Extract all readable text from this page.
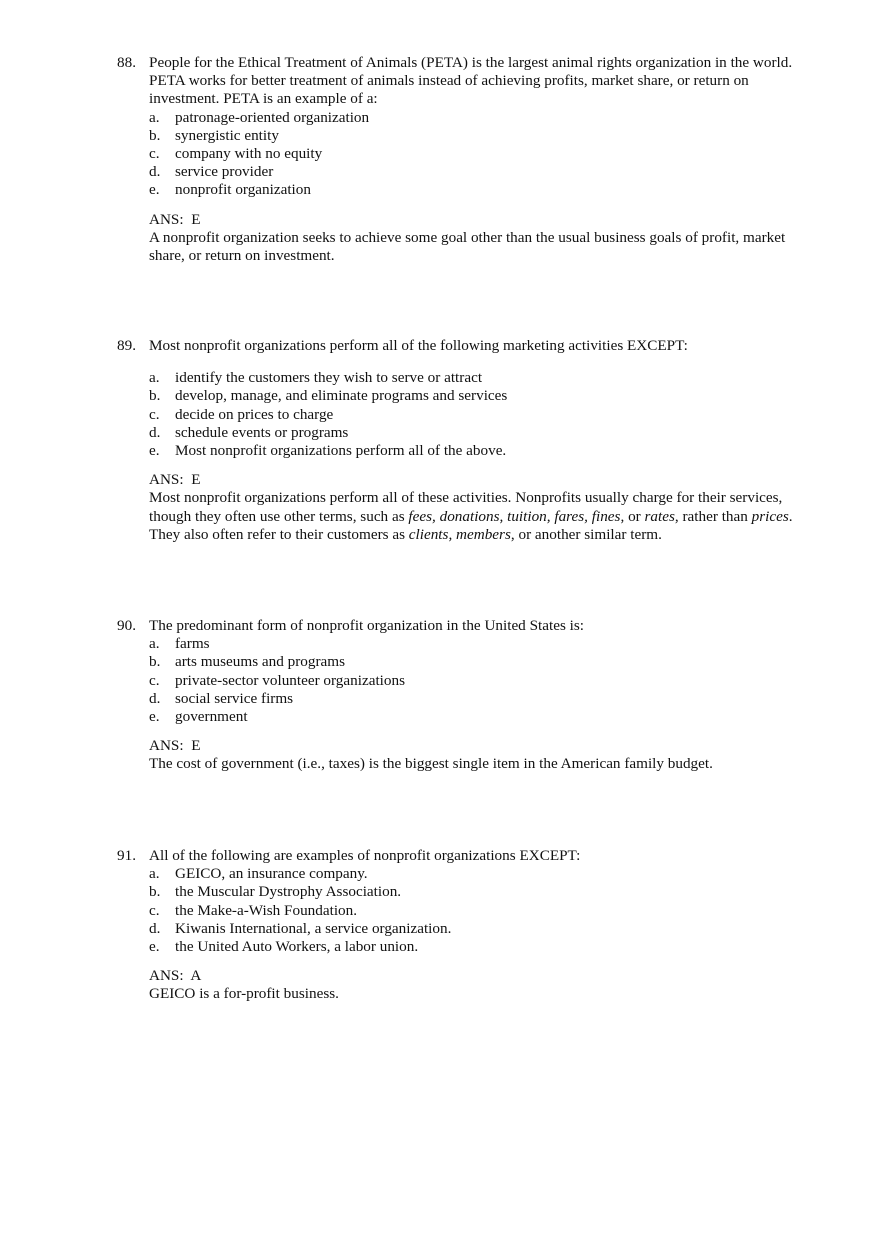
88. People for the Ethical Treatment of Animals (PETA) is the largest animal rights organization in the world. PETA works for better treatment of animals instead of achieving profits, market share, or return on investment. PETA is an example of a:
a.	patronage-oriented organization
b. synergistic entity
c.	company with no equity
d. service provider
e.	nonprofit organization
ANS:  E
A nonprofit organization seeks to achieve some goal other than the usual business goals of profit, market share, or return on investment.
89. Most nonprofit organizations perform all of the following marketing activities EXCEPT:
a.	identify the customers they wish to serve or attract
b. develop, manage, and eliminate programs and services
c.	decide on prices to charge
d. schedule events or programs
e.	Most nonprofit organizations perform all of the above.
ANS:  E
Most nonprofit organizations perform all of these activities. Nonprofits usually charge for their services, though they often use other terms, such as fees, donations, tuition, fares, fines, or rates, rather than prices. They also often refer to their customers as clients, members, or another similar term.
90. The predominant form of nonprofit organization in the United States is:
a.	farms
b. arts museums and programs
c.	private-sector volunteer organizations
d. social service firms
e.	government
ANS:  E
The cost of government (i.e., taxes) is the biggest single item in the American family budget.
91. All of the following are examples of nonprofit organizations EXCEPT:
a.	GEICO, an insurance company.
b. the Muscular Dystrophy Association.
c.	the Make-a-Wish Foundation.
d. Kiwanis International, a service organization.
e.	the United Auto Workers, a labor union.
ANS:  A
GEICO is a for-profit business.
